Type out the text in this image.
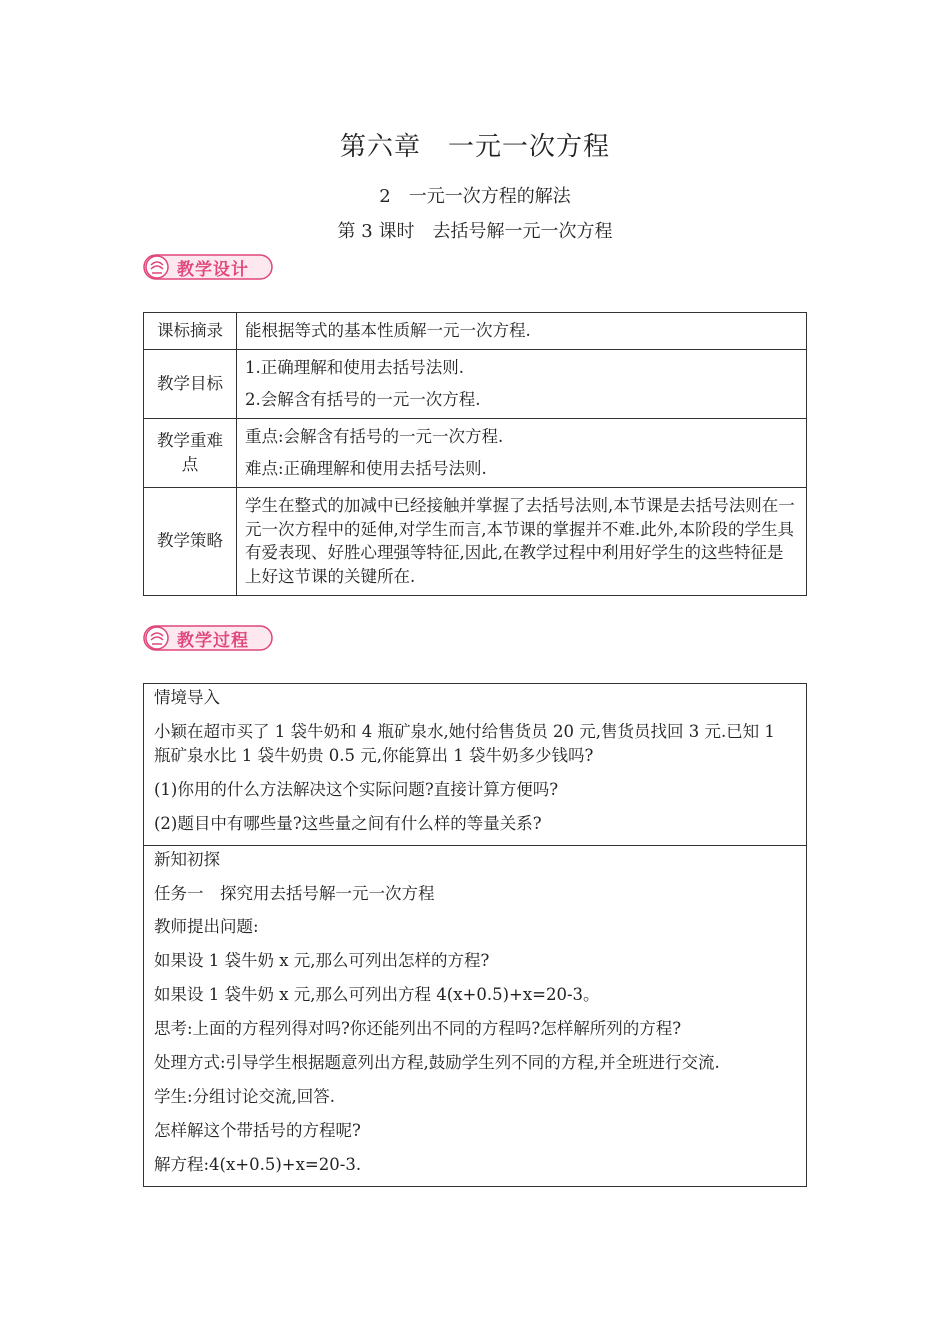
第六章　一元一次方程
2　一元一次方程的解法
第 3 课时　去括号解一元一次方程
教学设计
课标摘录	能根据等式的基本性质解一元一次方程.

教学目标	1.正确理解和使用去括号法则.

2.会解含有括号的一元一次方程.

教学重难点	重点:会解含有括号的一元一次方程.

难点:正确理解和使用去括号法则.

教学策略	学生在整式的加减中已经接触并掌握了去括号法则,本节课是去括号法则在一元一次方程中的延伸,对学生而言,本节课的掌握并不难.此外,本阶段的学生具有爱表现、好胜心理强等特征,因此,在教学过程中利用好学生的这些特征是上好这节课的关键所在.

教学过程

情境导入

小颖在超市买了 1 袋牛奶和 4 瓶矿泉水,她付给售货员 20 元,售货员找回 3 元.已知 1 瓶矿泉水比 1 袋牛奶贵 0.5 元,你能算出 1 袋牛奶多少钱吗?

(1)你用的什么方法解决这个实际问题?直接计算方便吗?

(2)题目中有哪些量?这些量之间有什么样的等量关系?

新知初探

任务一　探究用去括号解一元一次方程

教师提出问题:

如果设 1 袋牛奶 x 元,那么可列出怎样的方程?

如果设 1 袋牛奶 x 元,那么可列出方程 4(x+0.5)+x=20-3。

思考:上面的方程列得对吗?你还能列出不同的方程吗?怎样解所列的方程?

处理方式:引导学生根据题意列出方程,鼓励学生列不同的方程,并全班进行交流.

学生:分组讨论交流,回答.

怎样解这个带括号的方程呢?

解方程:4(x+0.5)+x=20-3.
